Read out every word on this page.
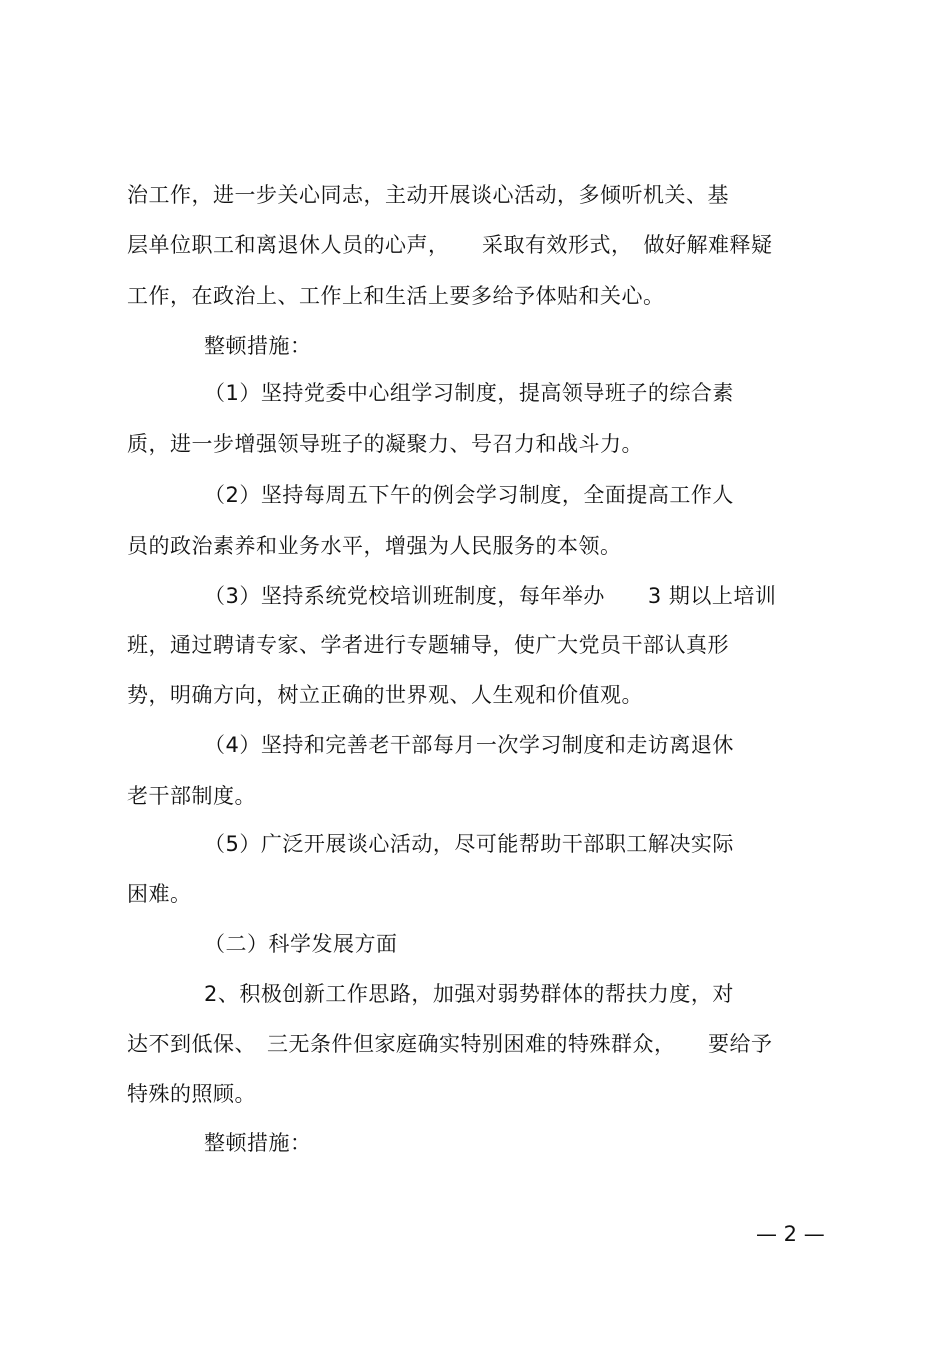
治工作，进一步关心同志，主动开展谈心活动，多倾听机关、基
层单位职工和离退休人员的心声，　　采取有效形式，　做好解难释疑
工作，在政治上、工作上和生活上要多给予体贴和关心。
整顿措施：
（1）坚持党委中心组学习制度，提高领导班子的综合素
质，进一步增强领导班子的凝聚力、号召力和战斗力。
（2）坚持每周五下午的例会学习制度，全面提高工作人
员的政治素养和业务水平，增强为人民服务的本领。
（3）坚持系统党校培训班制度，每年举办　　3 期以上培训
班，通过聘请专家、学者进行专题辅导，使广大党员干部认真形
势，明确方向，树立正确的世界观、人生观和价值观。
（4）坚持和完善老干部每月一次学习制度和走访离退休
老干部制度。
（5）广泛开展谈心活动，尽可能帮助干部职工解决实际
困难。
（二）科学发展方面
2、积极创新工作思路，加强对弱势群体的帮扶力度，对
达不到低保、　三无条件但家庭确实特别困难的特殊群众，　　要给予
特殊的照顾。
整顿措施：
— 2 —
